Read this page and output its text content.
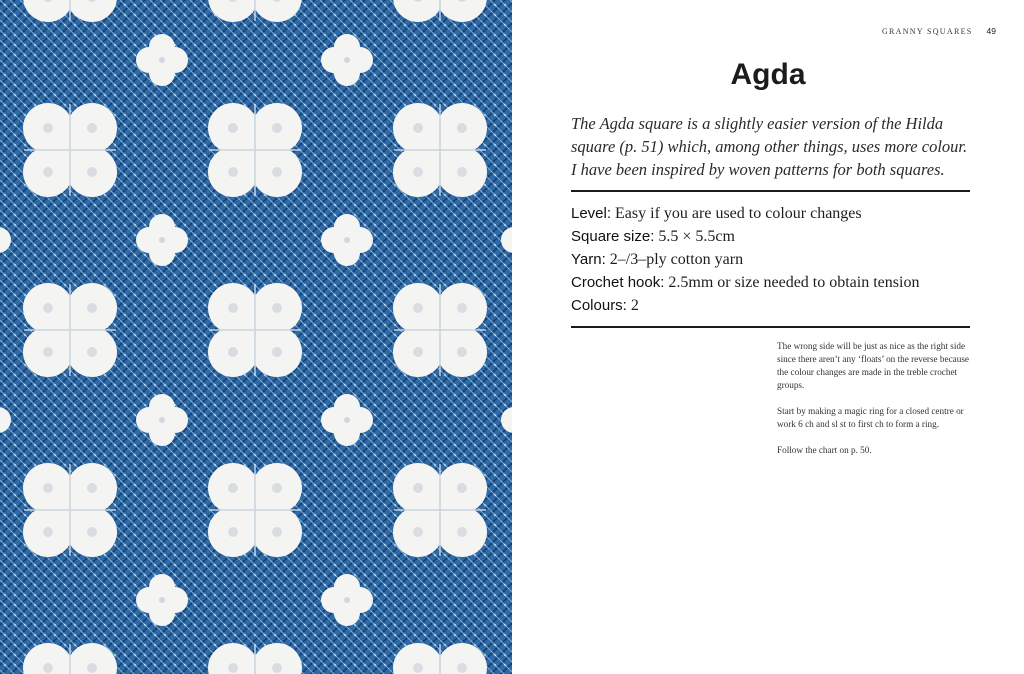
GRANNY SQUARES 49
Agda

The Agda square is a slightly easier version of the Hilda square (p. 51) which, among other things, uses more colour. I have been inspired by woven patterns for both squares.

Level: Easy if you are used to colour changes
Square size: 5.5 × 5.5cm
Yarn: 2–/3–ply cotton yarn
Crochet hook: 2.5mm or size needed to obtain tension
Colours: 2

The wrong side will be just as nice as the right side since there aren’t any ‘floats’ on the reverse because the colour changes are made in the treble crochet groups.

Start by making a magic ring for a closed centre or work 6 ch and sl st to first ch to form a ring.

Follow the chart on p. 50.
